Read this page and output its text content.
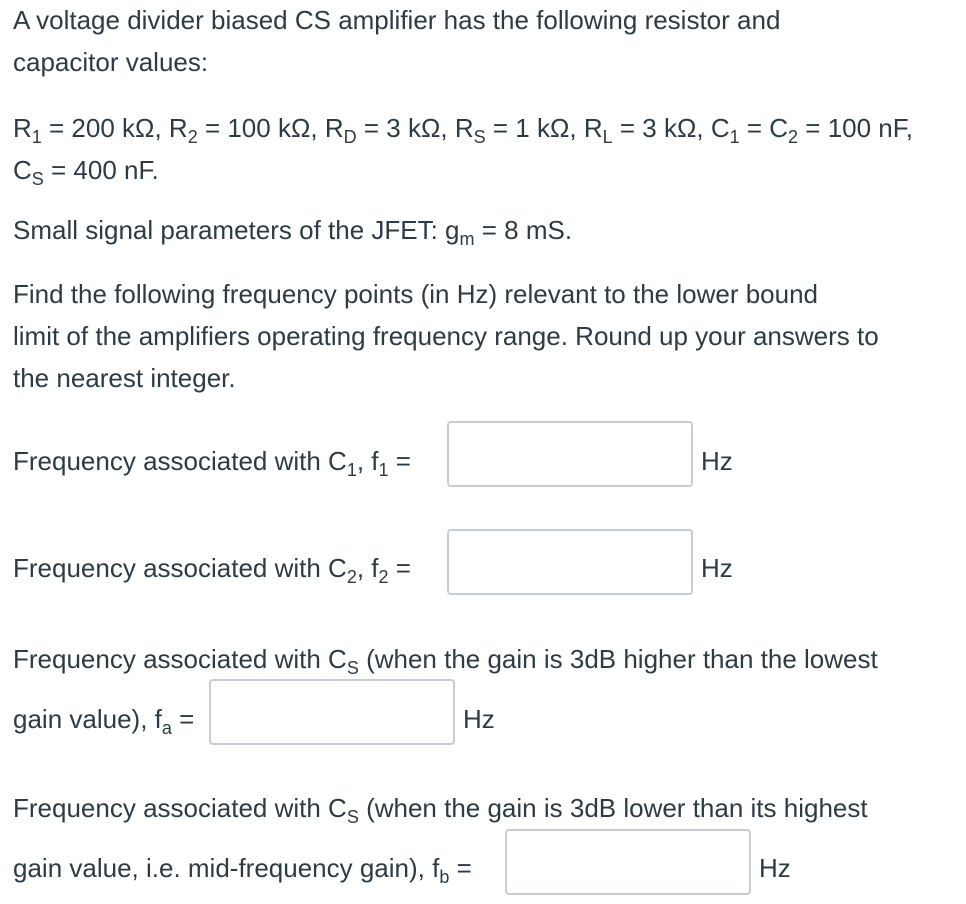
A voltage divider biased CS amplifier has the following resistor and
capacitor values:
$R_1 = 200$ kΩ, $R_2 = 100$ kΩ, $R_D = 3$ kΩ, $R_S = 1$ kΩ, $R_L = 3$ kΩ, $C_1 = C_2 = 100$ nF,
$C_S = 400$ nF.
Small signal parameters of the JFET: $g_m = 8$ mS.
Find the following frequency points (in Hz) relevant to the lower bound
limit of the amplifiers operating frequency range. Round up your answers to
the nearest integer.
Frequency associated with $C_1$, $f_1$ =	Hz
Frequency associated with $C_2$, $f_2$ =	Hz
Frequency associated with $C_S$ (when the gain is 3dB higher than the lowest
gain value), $f_a$ =	Hz
Frequency associated with $C_S$ (when the gain is 3dB lower than its highest
gain value, i.e. mid-frequency gain), $f_b$ =	Hz
